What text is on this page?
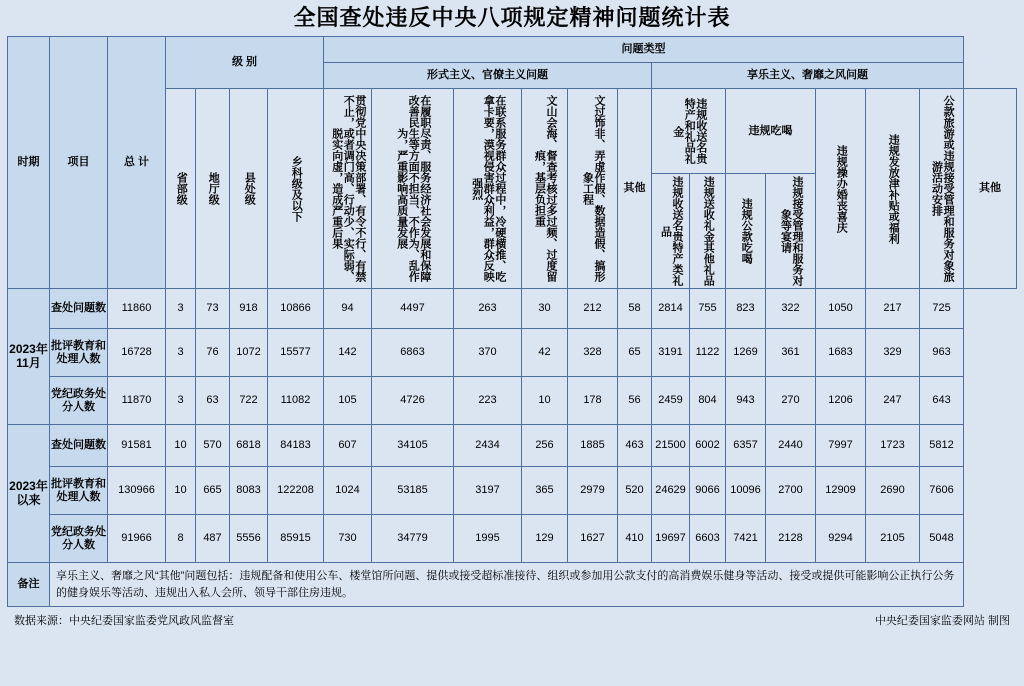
全国查处违反中央八项规定精神问题统计表
时期	项目	总 计	级 别				问题类型													
							形式主义、官僚主义问题						享乐主义、奢靡之风问题							

			省部级	地厅级	县处级	乡科级及以下	贯彻党中央决策部署、有令不行、有禁不止，或者调门高、行动少、实际弱、脱实向虚，造成严重后果	在履职尽责、服务经济社会发展和保障改善民生等方面不担当、不作为、乱作为，严重影响高质量发展	在联系服务群众过程中，冷硬横推、吃拿卡要，漠视侵害群众利益，群众反映强烈	文山会海、督查考核过多过频、过度留痕，基层负担重	文过饰非、弄虚作假、数据造假、搞形象工程	其他	违规收送名贵特产和礼品礼金		违规吃喝		违规操办婚丧喜庆	违规发放津补贴或福利	公款旅游或违规接受管理和服务对象旅游活动安排	其他

													违规收送名贵特产类礼品	违规送收礼金其他礼品	违规公款吃喝	违规接受管理和服务对象等宴请				

2023年11月	查处问题数	11860	3	73	918	10866	94	4497	263	30	212	58	2814	755	823	322	1050	217	725	
	批评教育和处理人数	16728	3	76	1072	15577	142	6863	370	42	328	65	3191	1122	1269	361	1683	329	963	
	党纪政务处分人数	11870	3	63	722	11082	105	4726	223	10	178	56	2459	804	943	270	1206	247	643	
2023年以来	查处问题数	91581	10	570	6818	84183	607	34105	2434	256	1885	463	21500	6002	6357	2440	7997	1723	5812	
	批评教育和处理人数	130966	10	665	8083	122208	1024	53185	3197	365	2979	520	24629	9066	10096	2700	12909	2690	7606	
	党纪政务处分人数	91966	8	487	5556	85915	730	34779	1995	129	1627	410	19697	6603	7421	2128	9294	2105	5048	
备注	享乐主义、奢靡之风“其他”问题包括：违规配备和使用公车、楼堂馆所问题、提供或接受超标准接待、组织或参加用公款支付的高消费娱乐健身等活动、接受或提供可能影响公正执行公务的健身娱乐等活动、违规出入私人会所、领导干部住房违规。																			
数据来源：中央纪委国家监委党风政风监督室	中央纪委国家监委网站 制图
